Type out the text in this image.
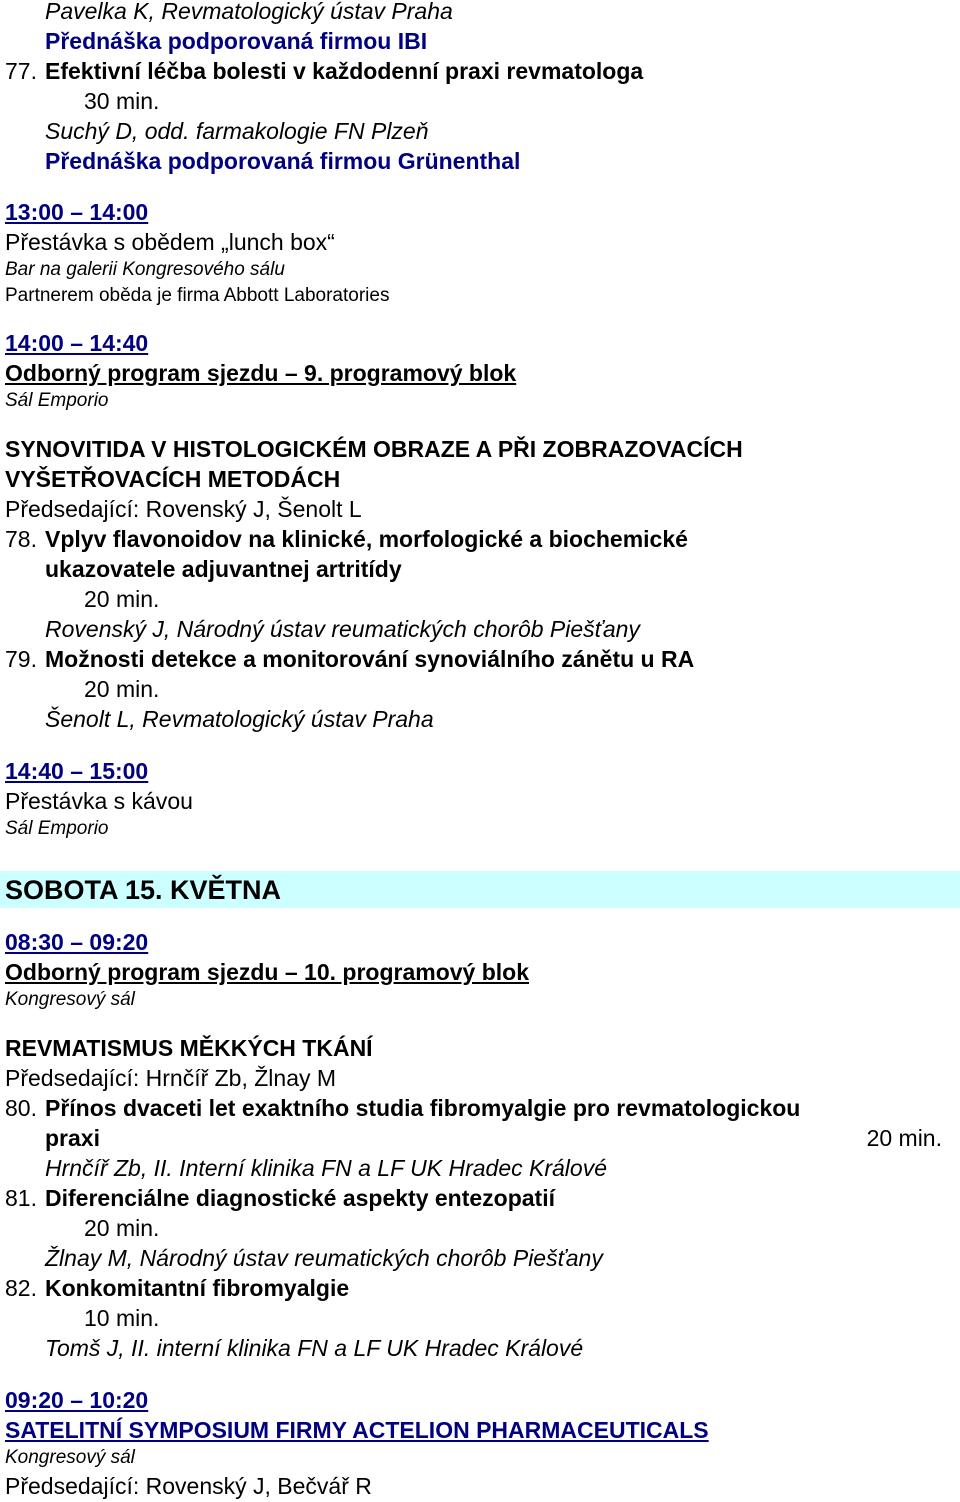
Pavelka K, Revmatologický ústav Praha
Přednáška podporovaná firmou IBI
77. Efektivní léčba bolesti v každodenní praxi revmatologa
30 min.
Suchý D, odd. farmakologie FN Plzeň
Přednáška podporovaná firmou Grünenthal
13:00 – 14:00
Přestávka s obědem „lunch box“
Bar na galerii Kongresového sálu
Partnerem oběda je firma Abbott Laboratories
14:00 – 14:40
Odborný program sjezdu – 9. programový blok
Sál Emporio
SYNOVITIDA V HISTOLOGICKÉM OBRAZE A PŘI ZOBRAZOVACÍCH
VYŠETŘOVACÍCH METODÁCH
Předsedající: Rovenský J, Šenolt L
78. Vplyv flavonoidov na klinické, morfologické a biochemické
ukazovatele adjuvantnej artritídy
20 min.
Rovenský J, Národný ústav reumatických chorôb Piešťany
79. Možnosti detekce a monitorování synoviálního zánětu u RA
20 min.
Šenolt L, Revmatologický ústav Praha
14:40 – 15:00
Přestávka s kávou
Sál Emporio
SOBOTA 15. KVĚTNA
08:30 – 09:20
Odborný program sjezdu – 10. programový blok
Kongresový sál
REVMATISMUS MĚKKÝCH TKÁNÍ
Předsedající: Hrnčíř Zb, Žlnay M
80. Přínos dvaceti let exaktního studia fibromyalgie pro revmatologickou
praxi	20 min.
Hrnčíř Zb, II. Interní klinika FN a LF UK Hradec Králové
81. Diferenciálne diagnostické aspekty entezopatií
20 min.
Žlnay M, Národný ústav reumatických chorôb Piešťany
82. Konkomitantní fibromyalgie
10 min.
Tomš J, II. interní klinika FN a LF UK Hradec Králové
09:20 – 10:20
SATELITNÍ SYMPOSIUM FIRMY ACTELION PHARMACEUTICALS
Kongresový sál
Předsedající: Rovenský J, Bečvář R
